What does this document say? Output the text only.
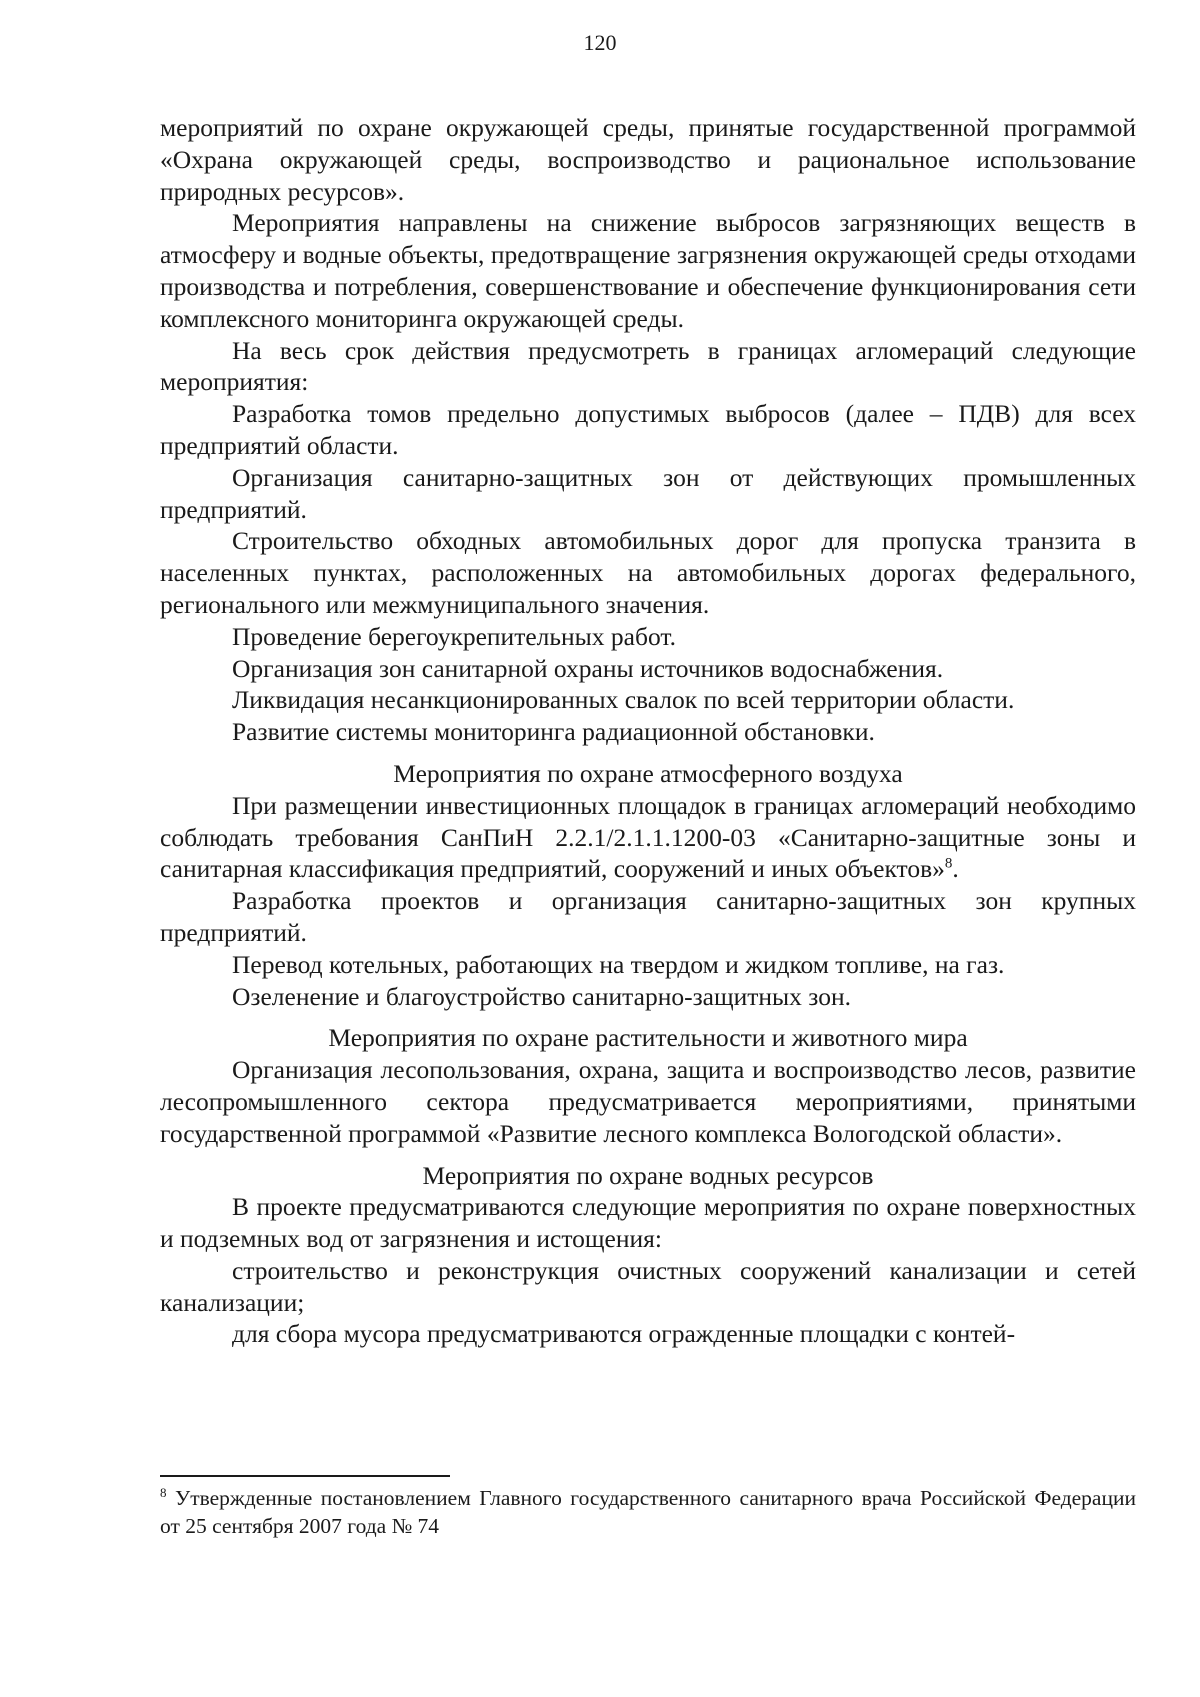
120

мероприятий по охране окружающей среды, принятые государственной программой «Охрана окружающей среды, воспроизводство и рациональное использование природных ресурсов».

Мероприятия направлены на снижение выбросов загрязняющих веществ в атмосферу и водные объекты, предотвращение загрязнения окружающей среды отходами производства и потребления, совершенствование и обеспечение функционирования сети комплексного мониторинга окружающей среды.

На весь срок действия предусмотреть в границах агломераций следующие мероприятия:

Разработка томов предельно допустимых выбросов (далее – ПДВ) для всех предприятий области.

Организация санитарно-защитных зон от действующих промышленных предприятий.

Строительство обходных автомобильных дорог для пропуска транзита в населенных пунктах, расположенных на автомобильных дорогах федерального, регионального или межмуниципального значения.

Проведение берегоукрепительных работ.

Организация зон санитарной охраны источников водоснабжения.

Ликвидация несанкционированных свалок по всей территории области.

Развитие системы мониторинга радиационной обстановки.

Мероприятия по охране атмосферного воздуха

При размещении инвестиционных площадок в границах агломераций необходимо соблюдать требования СанПиН 2.2.1/2.1.1.1200-03 «Санитарно-защитные зоны и санитарная классификация предприятий, сооружений и иных объектов»$^8$.

Разработка проектов и организация санитарно-защитных зон крупных предприятий.

Перевод котельных, работающих на твердом и жидком топливе, на газ.

Озеленение и благоустройство санитарно-защитных зон.

Мероприятия по охране растительности и животного мира

Организация лесопользования, охрана, защита и воспроизводство лесов, развитие лесопромышленного сектора предусматривается мероприятиями, принятыми государственной программой «Развитие лесного комплекса Вологодской области».

Мероприятия по охране водных ресурсов

В проекте предусматриваются следующие мероприятия по охране поверхностных и подземных вод от загрязнения и истощения:

строительство и реконструкция очистных сооружений канализации и сетей канализации;

для сбора мусора предусматриваются огражденные площадки с контей-

$^8$ Утвержденные постановлением Главного государственного санитарного врача Российской Федерации от 25 сентября 2007 года № 74
